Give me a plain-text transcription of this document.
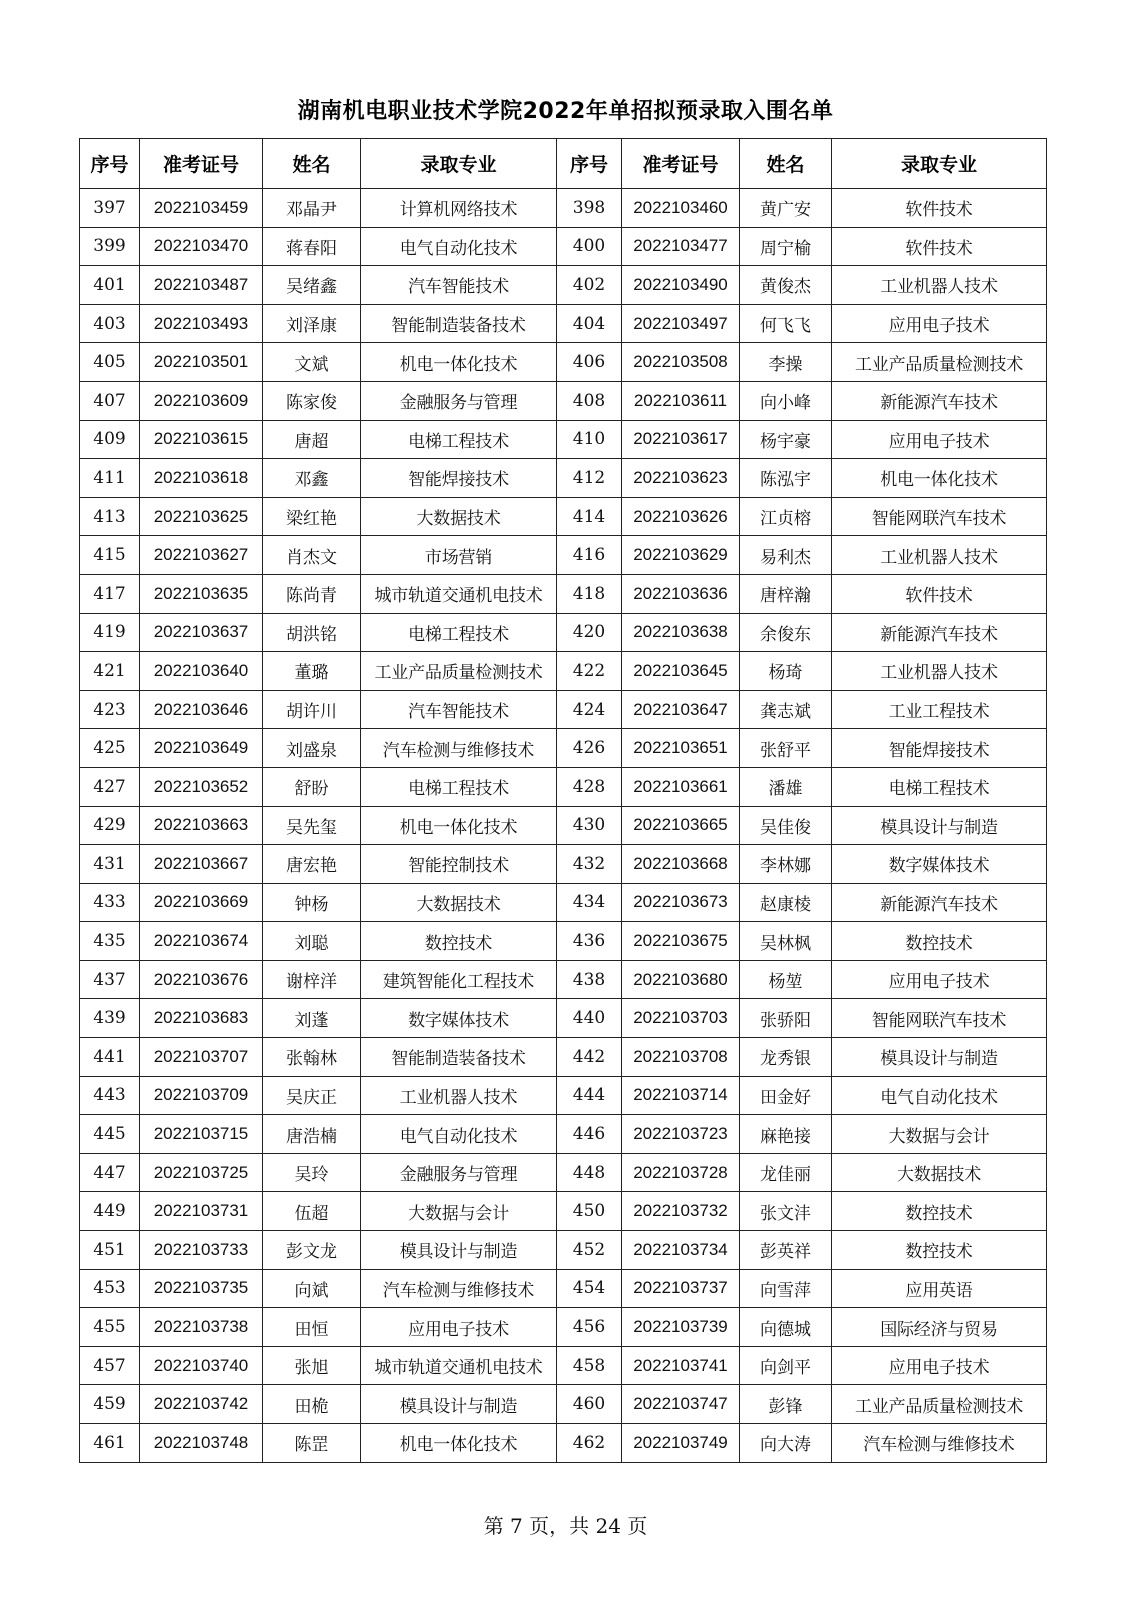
湖南机电职业技术学院2022年单招拟预录取入围名单
序号	准考证号	姓名	录取专业	序号	准考证号	姓名	录取专业
397	2022103459	邓晶尹	计算机网络技术	398	2022103460	黄广安	软件技术
399	2022103470	蒋春阳	电气自动化技术	400	2022103477	周宁榆	软件技术
401	2022103487	吴绪鑫	汽车智能技术	402	2022103490	黄俊杰	工业机器人技术
403	2022103493	刘泽康	智能制造装备技术	404	2022103497	何飞飞	应用电子技术
405	2022103501	文斌	机电一体化技术	406	2022103508	李操	工业产品质量检测技术
407	2022103609	陈家俊	金融服务与管理	408	2022103611	向小峰	新能源汽车技术
409	2022103615	唐超	电梯工程技术	410	2022103617	杨宇豪	应用电子技术
411	2022103618	邓鑫	智能焊接技术	412	2022103623	陈泓宇	机电一体化技术
413	2022103625	梁红艳	大数据技术	414	2022103626	江贞榕	智能网联汽车技术
415	2022103627	肖杰文	市场营销	416	2022103629	易利杰	工业机器人技术
417	2022103635	陈尚青	城市轨道交通机电技术	418	2022103636	唐梓瀚	软件技术
419	2022103637	胡洪铭	电梯工程技术	420	2022103638	余俊东	新能源汽车技术
421	2022103640	董璐	工业产品质量检测技术	422	2022103645	杨琦	工业机器人技术
423	2022103646	胡许川	汽车智能技术	424	2022103647	龚志斌	工业工程技术
425	2022103649	刘盛泉	汽车检测与维修技术	426	2022103651	张舒平	智能焊接技术
427	2022103652	舒盼	电梯工程技术	428	2022103661	潘雄	电梯工程技术
429	2022103663	吴先玺	机电一体化技术	430	2022103665	吴佳俊	模具设计与制造
431	2022103667	唐宏艳	智能控制技术	432	2022103668	李林娜	数字媒体技术
433	2022103669	钟杨	大数据技术	434	2022103673	赵康棱	新能源汽车技术
435	2022103674	刘聪	数控技术	436	2022103675	吴林枫	数控技术
437	2022103676	谢梓洋	建筑智能化工程技术	438	2022103680	杨堃	应用电子技术
439	2022103683	刘蓬	数字媒体技术	440	2022103703	张骄阳	智能网联汽车技术
441	2022103707	张翰林	智能制造装备技术	442	2022103708	龙秀银	模具设计与制造
443	2022103709	吴庆正	工业机器人技术	444	2022103714	田金好	电气自动化技术
445	2022103715	唐浩楠	电气自动化技术	446	2022103723	麻艳接	大数据与会计
447	2022103725	吴玲	金融服务与管理	448	2022103728	龙佳丽	大数据技术
449	2022103731	伍超	大数据与会计	450	2022103732	张文沣	数控技术
451	2022103733	彭文龙	模具设计与制造	452	2022103734	彭英祥	数控技术
453	2022103735	向斌	汽车检测与维修技术	454	2022103737	向雪萍	应用英语
455	2022103738	田恒	应用电子技术	456	2022103739	向德城	国际经济与贸易
457	2022103740	张旭	城市轨道交通机电技术	458	2022103741	向剑平	应用电子技术
459	2022103742	田桅	模具设计与制造	460	2022103747	彭锋	工业产品质量检测技术
461	2022103748	陈罡	机电一体化技术	462	2022103749	向大涛	汽车检测与维修技术
第 7 页，共 24 页
